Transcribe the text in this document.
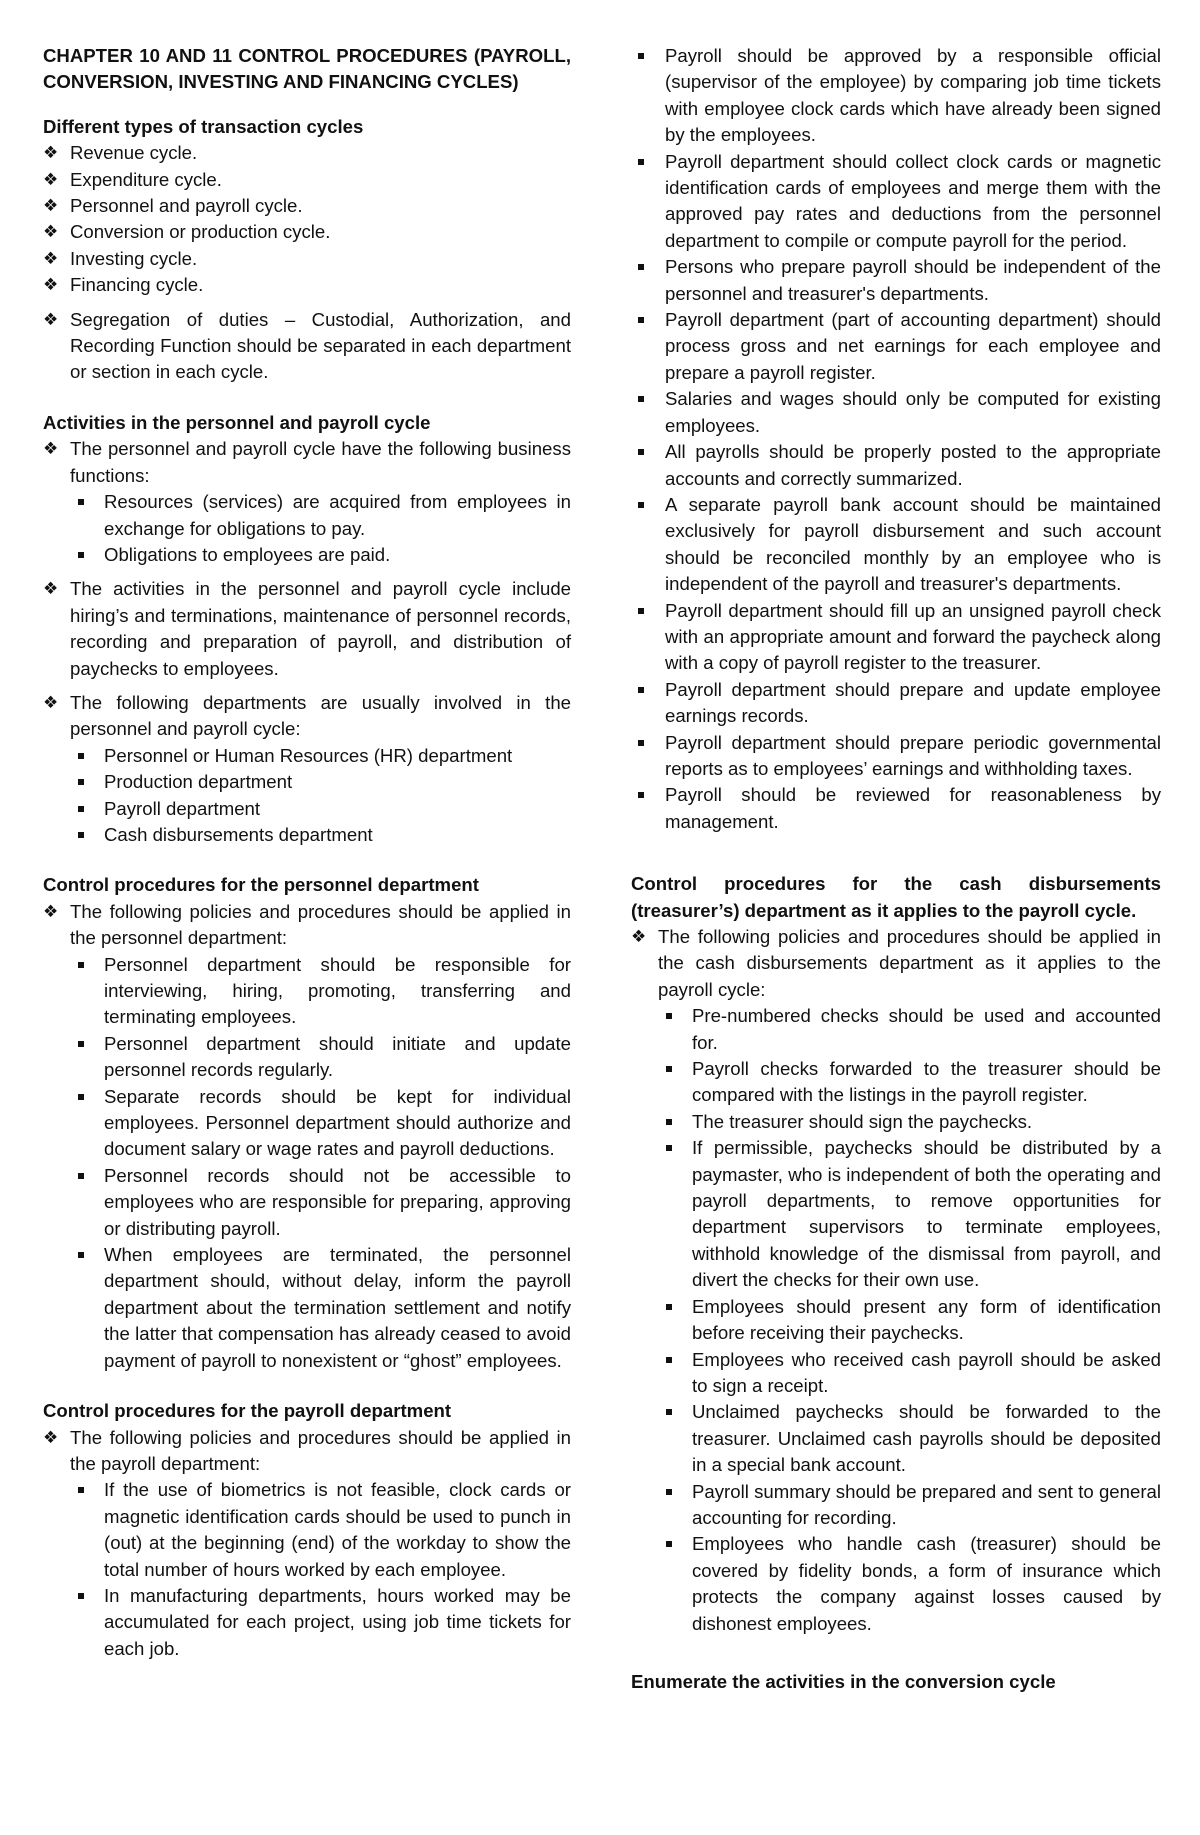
CHAPTER 10 AND 11 CONTROL PROCEDURES (PAYROLL, CONVERSION, INVESTING AND FINANCING CYCLES)

Different types of transaction cycles

❖ Revenue cycle.
❖ Expenditure cycle.
❖ Personnel and payroll cycle.
❖ Conversion or production cycle.
❖ Investing cycle.
❖ Financing cycle.
❖ Segregation of duties – Custodial, Authorization, and Recording Function should be separated in each department or section in each cycle.

Activities in the personnel and payroll cycle

❖ The personnel and payroll cycle have the following business functions:
Resources (services) are acquired from employees in exchange for obligations to pay.
Obligations to employees are paid.
❖ The activities in the personnel and payroll cycle include hiring’s and terminations, maintenance of personnel records, recording and preparation of payroll, and distribution of paychecks to employees.
❖ The following departments are usually involved in the personnel and payroll cycle:
Personnel or Human Resources (HR) department
Production department
Payroll department
Cash disbursements department

Control procedures for the personnel department

❖ The following policies and procedures should be applied in the personnel department:
Personnel department should be responsible for interviewing, hiring, promoting, transferring and terminating employees.
Personnel department should initiate and update personnel records regularly.
Separate records should be kept for individual employees. Personnel department should authorize and document salary or wage rates and payroll deductions.
Personnel records should not be accessible to employees who are responsible for preparing, approving or distributing payroll.
When employees are terminated, the personnel department should, without delay, inform the payroll department about the termination settlement and notify the latter that compensation has already ceased to avoid payment of payroll to nonexistent or “ghost” employees.

Control procedures for the payroll department

❖ The following policies and procedures should be applied in the payroll department:
If the use of biometrics is not feasible, clock cards or magnetic identification cards should be used to punch in (out) at the beginning (end) of the workday to show the total number of hours worked by each employee.
In manufacturing departments, hours worked may be accumulated for each project, using job time tickets for each job.
Payroll should be approved by a responsible official (supervisor of the employee) by comparing job time tickets with employee clock cards which have already been signed by the employees.
Payroll department should collect clock cards or magnetic identification cards of employees and merge them with the approved pay rates and deductions from the personnel department to compile or compute payroll for the period.
Persons who prepare payroll should be independent of the personnel and treasurer's departments.
Payroll department (part of accounting department) should process gross and net earnings for each employee and prepare a payroll register.
Salaries and wages should only be computed for existing employees.
All payrolls should be properly posted to the appropriate accounts and correctly summarized.
A separate payroll bank account should be maintained exclusively for payroll disbursement and such account should be reconciled monthly by an employee who is independent of the payroll and treasurer's departments.
Payroll department should fill up an unsigned payroll check with an appropriate amount and forward the paycheck along with a copy of payroll register to the treasurer.
Payroll department should prepare and update employee earnings records.
Payroll department should prepare periodic governmental reports as to employees’ earnings and withholding taxes.
Payroll should be reviewed for reasonableness by management.

Control procedures for the cash disbursements (treasurer’s) department as it applies to the payroll cycle.

❖ The following policies and procedures should be applied in the cash disbursements department as it applies to the payroll cycle:
Pre-numbered checks should be used and accounted for.
Payroll checks forwarded to the treasurer should be compared with the listings in the payroll register.
The treasurer should sign the paychecks.
If permissible, paychecks should be distributed by a paymaster, who is independent of both the operating and payroll departments, to remove opportunities for department supervisors to terminate employees, withhold knowledge of the dismissal from payroll, and divert the checks for their own use.
Employees should present any form of identification before receiving their paychecks.
Employees who received cash payroll should be asked to sign a receipt.
Unclaimed paychecks should be forwarded to the treasurer. Unclaimed cash payrolls should be deposited in a special bank account.
Payroll summary should be prepared and sent to general accounting for recording.
Employees who handle cash (treasurer) should be covered by fidelity bonds, a form of insurance which protects the company against losses caused by dishonest employees.

Enumerate the activities in the conversion cycle
